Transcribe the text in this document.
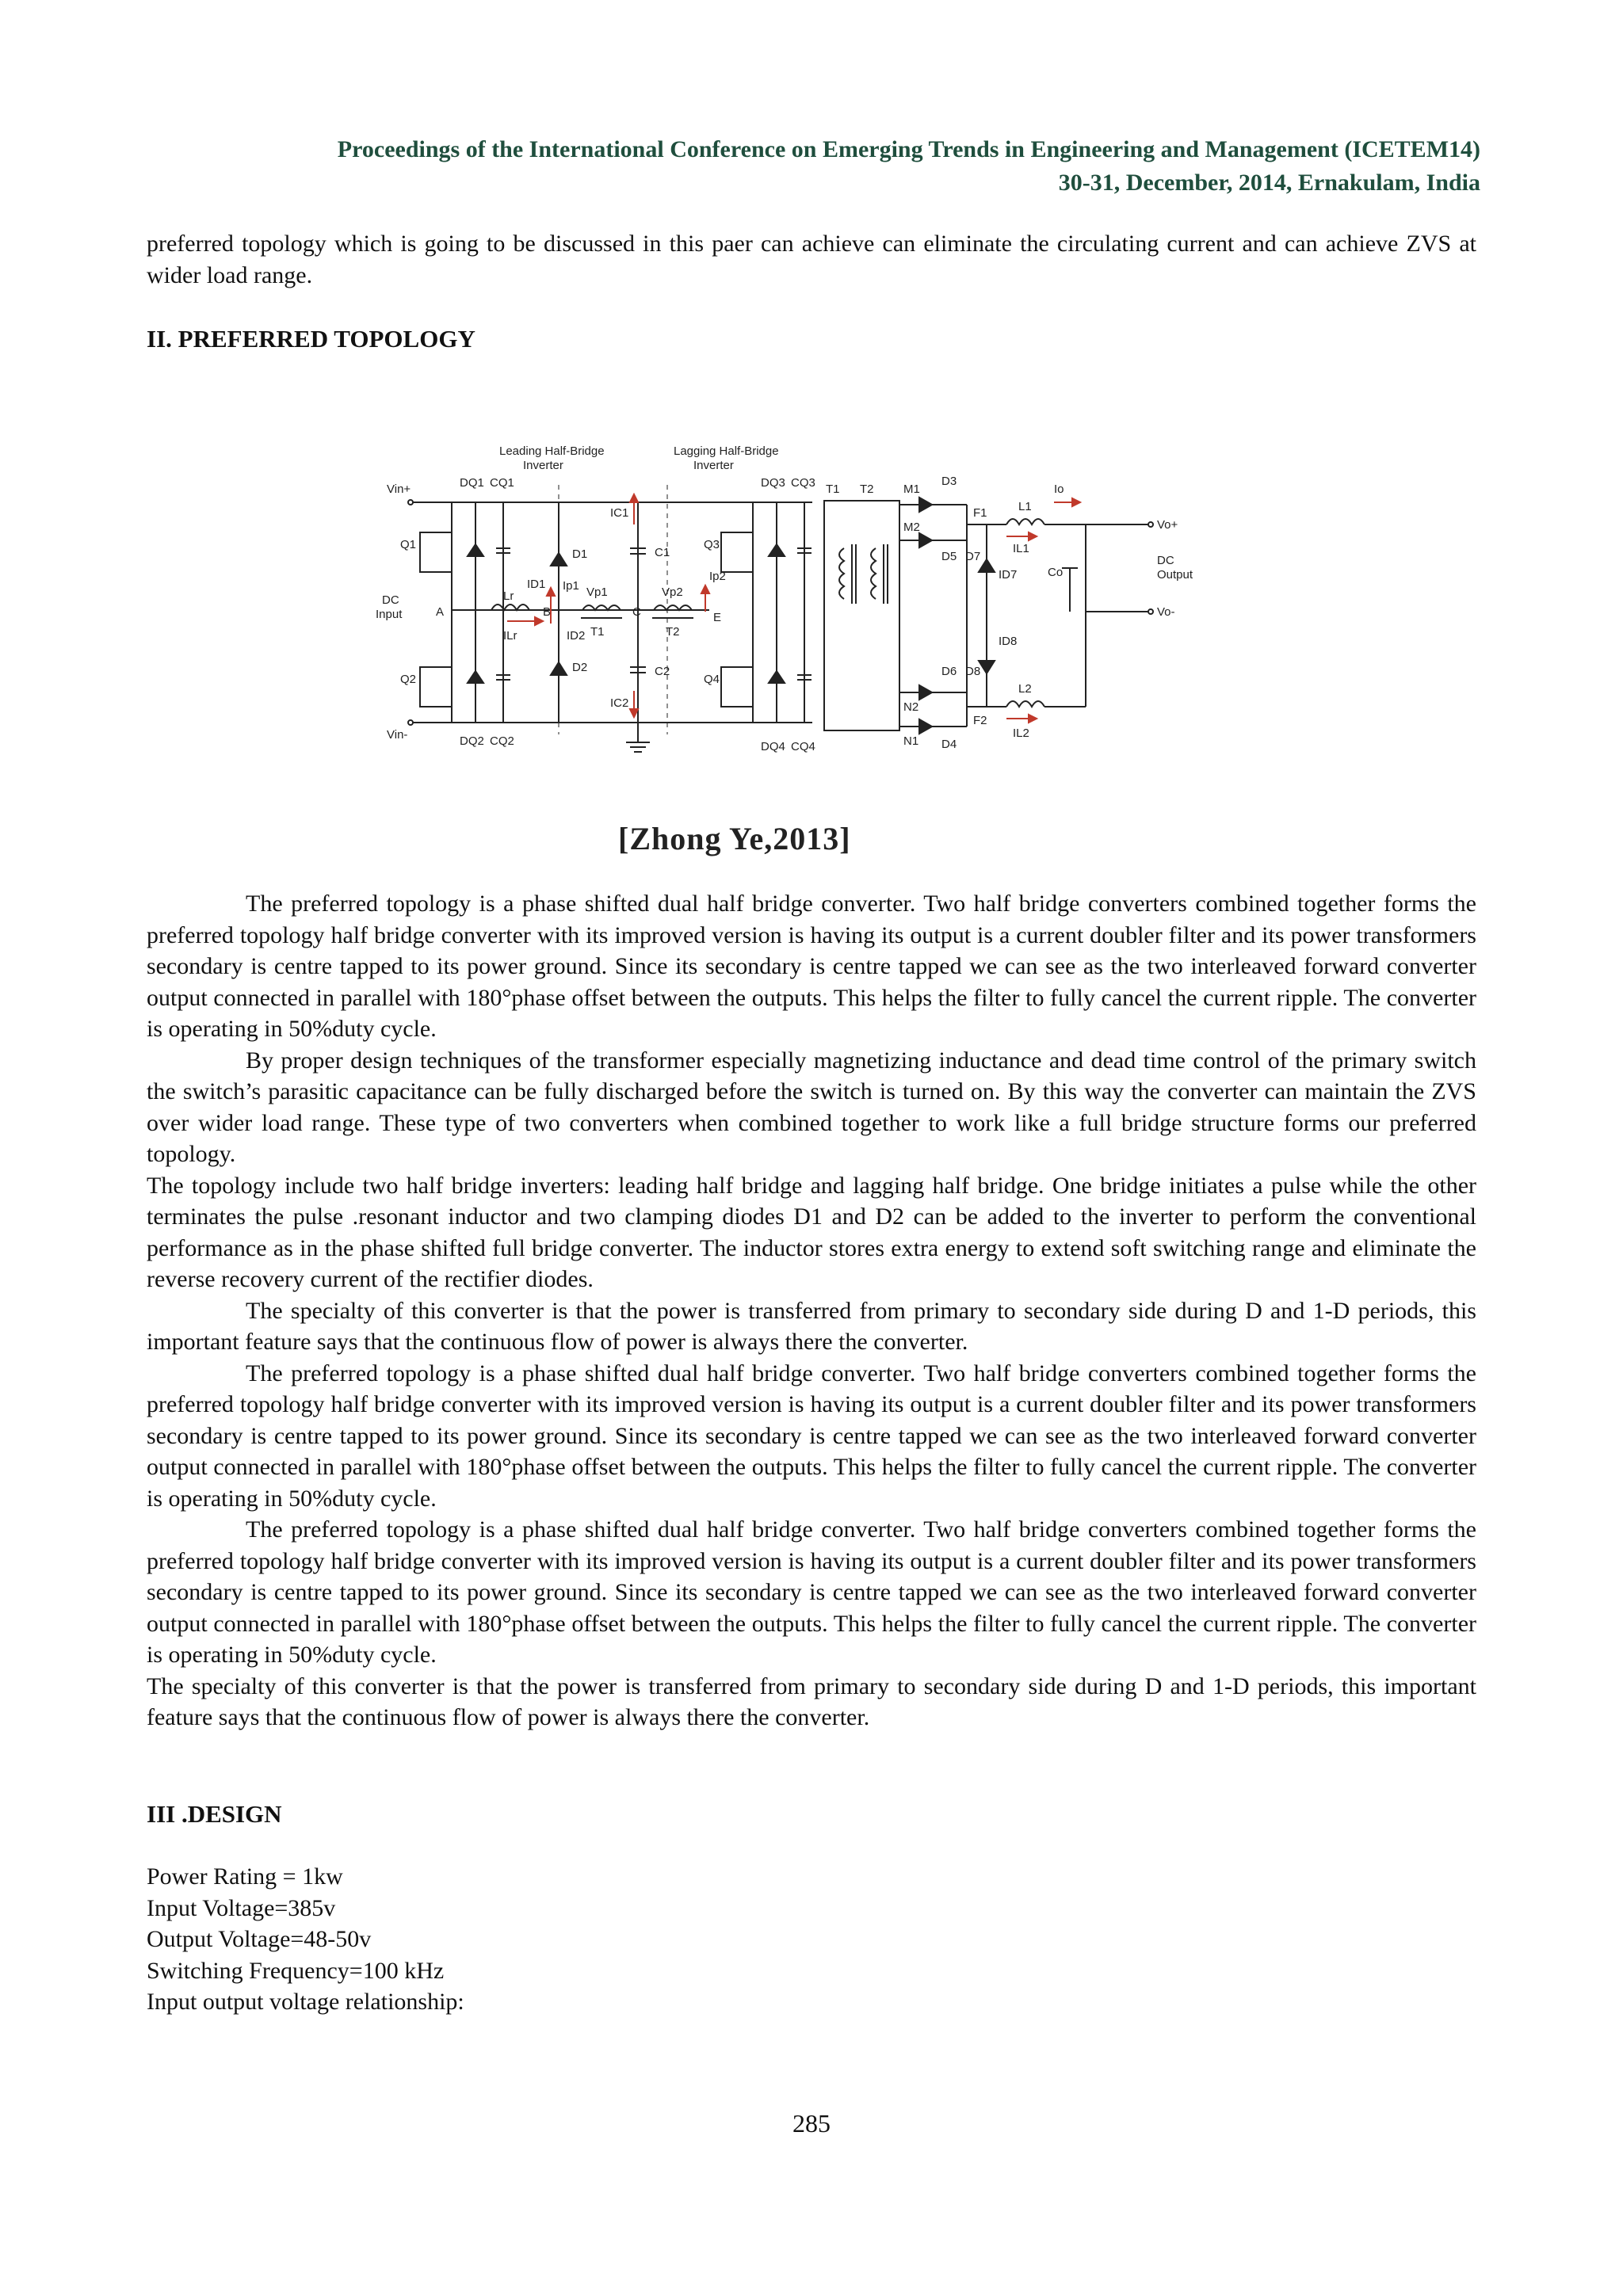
Proceedings of the International Conference on Emerging Trends in Engineering and Management (ICETEM14)
30-31, December, 2014, Ernakulam, India

preferred topology which is going to be discussed in this paer can achieve can eliminate the circulating current and can achieve ZVS at wider load range.

II. PREFERRED TOPOLOGY
Leading Half-Bridge
Inverter
Lagging Half-Bridge
Inverter
Vin+
Vin-
DC
Input
Q1
Q2
Q3
Q4
D1
D2
C1
C2
DQ1 CQ1
DQ2 CQ2
DQ3 CQ3
DQ4 CQ4
A	B	C	E
Lr	Vp1	Vp2
T1	T2
IC1
IC2
ID1
ID2
Ip1
Ip2
ILr
T1 T2
D3
D5
D6
D4
M1
M2
N2
N1
D7
D8
F1
F2
L1
L2
Io
IL1
IL2
ID7
ID8
Co
Vo+
Vo-
DC
Output
[Zhong Ye,2013]

The preferred topology is a phase shifted dual half bridge converter. Two half bridge converters combined together forms the preferred topology half bridge converter with its improved version is having its output is a current doubler filter and its power transformers secondary is centre tapped to its power ground. Since its secondary is centre tapped we can see as the two interleaved forward converter output connected in parallel with 180°phase offset between the outputs. This helps the filter to fully cancel the current ripple. The converter is operating in 50%duty cycle.

By proper design techniques of the transformer especially magnetizing inductance and dead time control of the primary switch the switch’s parasitic capacitance can be fully discharged before the switch is turned on. By this way the converter can maintain the ZVS over wider load range. These type of two converters when combined together to work like a full bridge structure forms our preferred topology.

The topology include two half bridge inverters: leading half bridge and lagging half bridge. One bridge initiates a pulse while the other terminates the pulse .resonant inductor and two clamping diodes D1 and D2 can be added to the inverter to perform the conventional performance as in the phase shifted full bridge converter. The inductor stores extra energy to extend soft switching range and eliminate the reverse recovery current of the rectifier diodes.

The specialty of this converter is that the power is transferred from primary to secondary side during D and 1-D periods, this important feature says that the continuous flow of power is always there the converter.

The preferred topology is a phase shifted dual half bridge converter. Two half bridge converters combined together forms the preferred topology half bridge converter with its improved version is having its output is a current doubler filter and its power transformers secondary is centre tapped to its power ground. Since its secondary is centre tapped we can see as the two interleaved forward converter output connected in parallel with 180°phase offset between the outputs. This helps the filter to fully cancel the current ripple. The converter is operating in 50%duty cycle.

The preferred topology is a phase shifted dual half bridge converter. Two half bridge converters combined together forms the preferred topology half bridge converter with its improved version is having its output is a current doubler filter and its power transformers secondary is centre tapped to its power ground. Since its secondary is centre tapped we can see as the two interleaved forward converter output connected in parallel with 180°phase offset between the outputs. This helps the filter to fully cancel the current ripple. The converter is operating in 50%duty cycle.

The specialty of this converter is that the power is transferred from primary to secondary side during D and 1-D periods, this important feature says that the continuous flow of power is always there the converter.

III .DESIGN
Power Rating = 1kw
Input Voltage=385v
Output Voltage=48-50v
Switching Frequency=100 kHz
Input output voltage relationship:
285
